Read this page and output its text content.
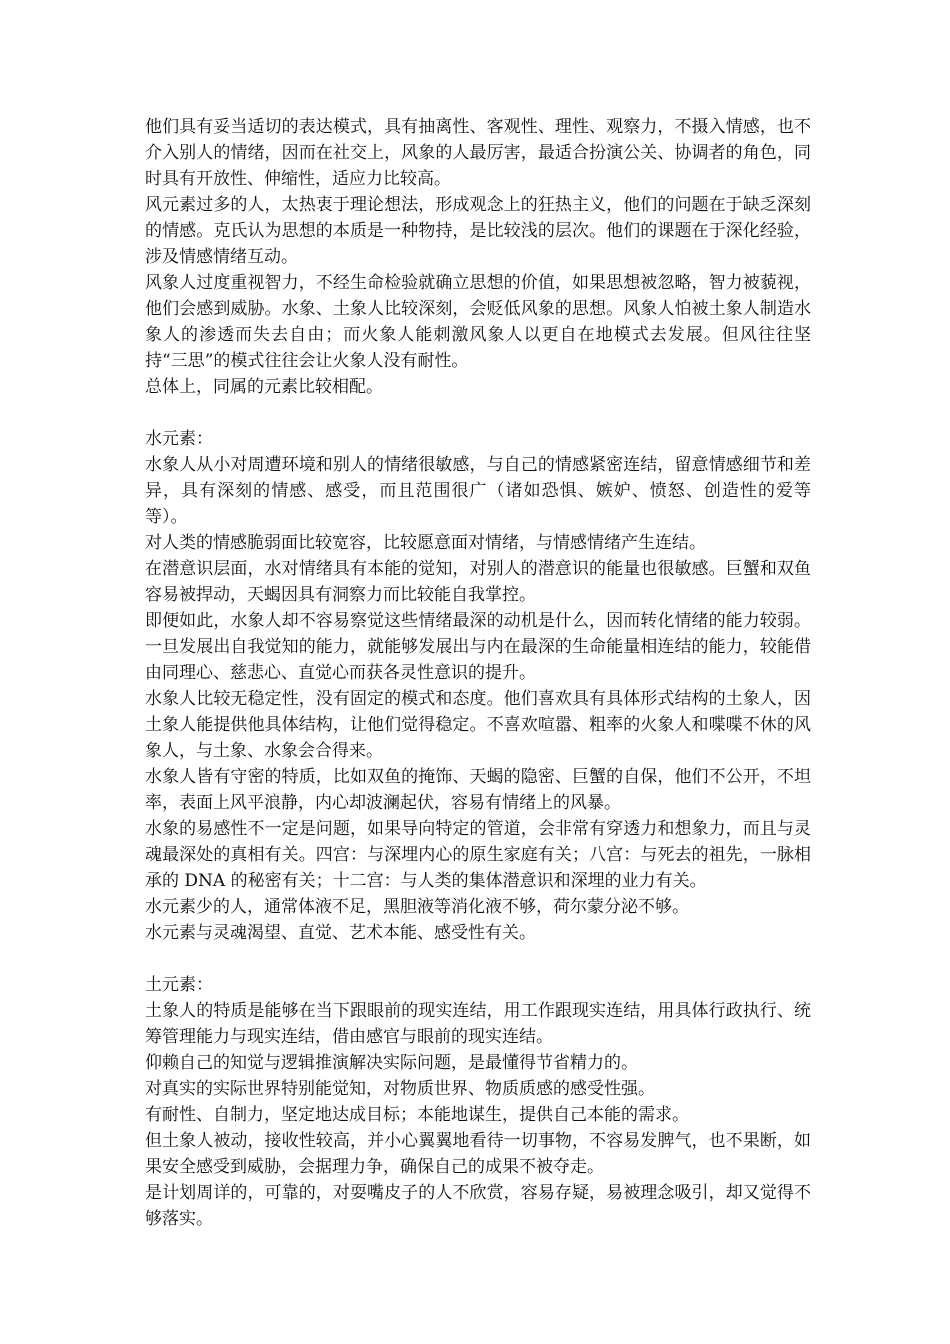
他们具有妥当适切的表达模式，具有抽离性、客观性、理性、观察力，不摄入情感，也不介入别人的情绪，因而在社交上，风象的人最厉害，最适合扮演公关、协调者的角色，同时具有开放性、伸缩性，适应力比较高。

风元素过多的人，太热衷于理论想法，形成观念上的狂热主义，他们的问题在于缺乏深刻的情感。克氏认为思想的本质是一种物持，是比较浅的层次。他们的课题在于深化经验，涉及情感情绪互动。

风象人过度重视智力，不经生命检验就确立思想的价值，如果思想被忽略，智力被藐视，他们会感到威胁。水象、土象人比较深刻，会贬低风象的思想。风象人怕被土象人制造水象人的渗透而失去自由；而火象人能刺激风象人以更自在地模式去发展。但风往往坚持“三思”的模式往往会让火象人没有耐性。

总体上，同属的元素比较相配。

水元素：

水象人从小对周遭环境和别人的情绪很敏感，与自己的情感紧密连结，留意情感细节和差异，具有深刻的情感、感受，而且范围很广（诸如恐惧、嫉妒、愤怒、创造性的爱等等）。

对人类的情感脆弱面比较宽容，比较愿意面对情绪，与情感情绪产生连结。

在潜意识层面，水对情绪具有本能的觉知，对别人的潜意识的能量也很敏感。巨蟹和双鱼容易被捍动，天蝎因具有洞察力而比较能自我掌控。

即便如此，水象人却不容易察觉这些情绪最深的动机是什么，因而转化情绪的能力较弱。一旦发展出自我觉知的能力，就能够发展出与内在最深的生命能量相连结的能力，较能借由同理心、慈悲心、直觉心而获各灵性意识的提升。

水象人比较无稳定性，没有固定的模式和态度。他们喜欢具有具体形式结构的土象人，因土象人能提供他具体结构，让他们觉得稳定。不喜欢喧嚣、粗率的火象人和喋喋不休的风象人，与土象、水象会合得来。

水象人皆有守密的特质，比如双鱼的掩饰、天蝎的隐密、巨蟹的自保，他们不公开，不坦率，表面上风平浪静，内心却波澜起伏，容易有情绪上的风暴。

水象的易感性不一定是问题，如果导向特定的管道，会非常有穿透力和想象力，而且与灵魂最深处的真相有关。四宫：与深埋内心的原生家庭有关；八宫：与死去的祖先，一脉相承的 DNA 的秘密有关；十二宫：与人类的集体潜意识和深埋的业力有关。

水元素少的人，通常体液不足，黑胆液等消化液不够，荷尔蒙分泌不够。

水元素与灵魂渴望、直觉、艺术本能、感受性有关。

土元素：

土象人的特质是能够在当下跟眼前的现实连结，用工作跟现实连结，用具体行政执行、统筹管理能力与现实连结，借由感官与眼前的现实连结。

仰赖自己的知觉与逻辑推演解决实际问题，是最懂得节省精力的。

对真实的实际世界特别能觉知，对物质世界、物质质感的感受性强。

有耐性、自制力，坚定地达成目标；本能地谋生，提供自己本能的需求。

但土象人被动，接收性较高，并小心翼翼地看待一切事物，不容易发脾气，也不果断，如果安全感受到威胁，会据理力争，确保自己的成果不被夺走。

是计划周详的，可靠的，对耍嘴皮子的人不欣赏，容易存疑，易被理念吸引，却又觉得不够落实。
